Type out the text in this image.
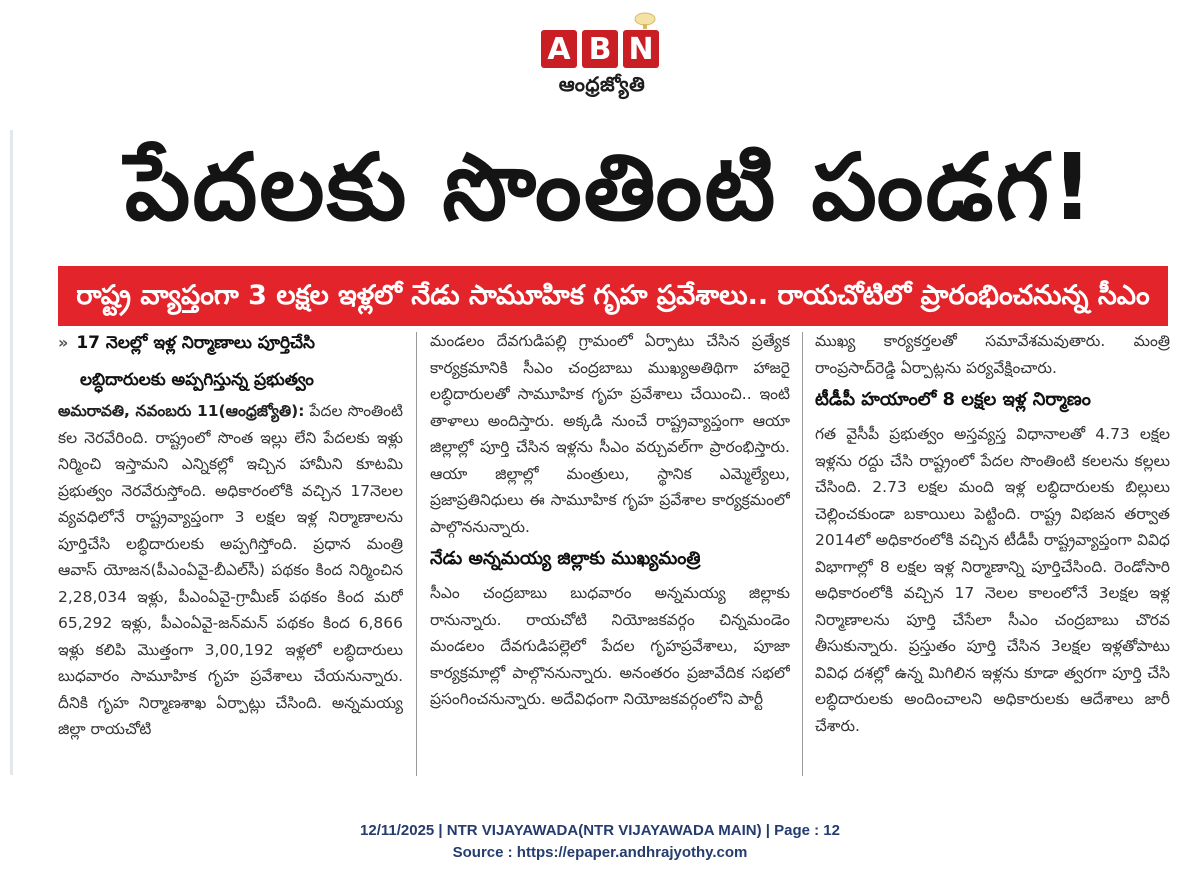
A B N
ఆంధ్రజ్యోతి
పేదలకు సొంతింటి పండగ!
రాష్ట్ర వ్యాప్తంగా 3 లక్షల ఇళ్లలో నేడు సామూహిక గృహ ప్రవేశాలు.. రాయచోటిలో ప్రారంభించనున్న సీఎం
» 17 నెలల్లో ఇళ్ల నిర్మాణాలు పూర్తిచేసి
లబ్ధిదారులకు అప్పగిస్తున్న ప్రభుత్వం

అమరావతి, నవంబరు 11(ఆంధ్రజ్యోతి): పేదల సొంతింటి కల నెరవేరింది. రాష్ట్రంలో సొంత ఇల్లు లేని పేదలకు ఇళ్లు నిర్మించి ఇస్తామని ఎన్నికల్లో ఇచ్చిన హామీని కూటమి ప్రభుత్వం నెరవేరుస్తోంది. అధికారంలోకి వచ్చిన 17నెలల వ్యవధిలోనే రాష్ట్రవ్యాప్తంగా 3 లక్షల ఇళ్ల నిర్మాణాలను పూర్తిచేసి లబ్ధిదారులకు అప్పగిస్తోంది. ప్రధాన మంత్రి ఆవాస్ యోజన(పీఎంఏవై-బీఎల్‌సీ) పథకం కింద నిర్మించిన 2,28,034 ఇళ్లు, పీఎంఏవై-గ్రామీణ్ పథకం కింద మరో 65,292 ఇళ్లు, పీఎంఏవై-జన్‌మన్ పథకం కింద 6,866 ఇళ్లు కలిపి మొత్తంగా 3,00,192 ఇళ్లలో లబ్ధిదారులు బుధవారం సామూహిక గృహ ప్రవేశాలు చేయనున్నారు. దీనికి గృహ నిర్మాణశాఖ ఏర్పాట్లు చేసింది. అన్నమయ్య జిల్లా రాయచోటి

మండలం దేవగుడిపల్లి గ్రామంలో ఏర్పాటు చేసిన ప్రత్యేక కార్యక్రమానికి సీఎం చంద్రబాబు ముఖ్యఅతిథిగా హాజరై లబ్ధిదారులతో సామూహిక గృహ ప్రవేశాలు చేయించి.. ఇంటి తాళాలు అందిస్తారు. అక్కడి నుంచే రాష్ట్రవ్యాప్తంగా ఆయా జిల్లాల్లో పూర్తి చేసిన ఇళ్లను సీఎం వర్చువల్‌గా ప్రారంభిస్తారు. ఆయా జిల్లాల్లో మంత్రులు, స్థానిక ఎమ్మెల్యేలు, ప్రజాప్రతినిధులు ఈ సామూహిక గృహ ప్రవేశాల కార్యక్రమంలో పాల్గొననున్నారు.

నేడు అన్నమయ్య జిల్లాకు ముఖ్యమంత్రి

సీఎం చంద్రబాబు బుధవారం అన్నమయ్య జిల్లాకు రానున్నారు. రాయచోటి నియోజకవర్గం చిన్నమండెం మండలం దేవగుడిపల్లెలో పేదల గృహప్రవేశాలు, పూజా కార్యక్రమాల్లో పాల్గొననున్నారు. అనంతరం ప్రజావేదిక సభలో ప్రసంగించనున్నారు. అదేవిధంగా నియోజకవర్గంలోని పార్టీ

ముఖ్య కార్యకర్తలతో సమావేశమవుతారు. మంత్రి రాంప్రసాద్‌రెడ్డి ఏర్పాట్లను పర్యవేక్షించారు.

టీడీపీ హయాంలో 8 లక్షల ఇళ్ల నిర్మాణం

గత వైసీపీ ప్రభుత్వం అస్తవ్యస్త విధానాలతో 4.73 లక్షల ఇళ్లను రద్దు చేసి రాష్ట్రంలో పేదల సొంతింటి కలలను కల్లలు చేసింది. 2.73 లక్షల మంది ఇళ్ల లబ్ధిదారులకు బిల్లులు చెల్లించకుండా బకాయిలు పెట్టింది. రాష్ట్ర విభజన తర్వాత 2014లో అధికారంలోకి వచ్చిన టీడీపీ రాష్ట్రవ్యాప్తంగా వివిధ విభాగాల్లో 8 లక్షల ఇళ్ల నిర్మాణాన్ని పూర్తిచేసింది. రెండోసారి అధికారంలోకి వచ్చిన 17 నెలల కాలంలోనే 3లక్షల ఇళ్ల నిర్మాణాలను పూర్తి చేసేలా సీఎం చంద్రబాబు చొరవ తీసుకున్నారు. ప్రస్తుతం పూర్తి చేసిన 3లక్షల ఇళ్లతోపాటు వివిధ దశల్లో ఉన్న మిగిలిన ఇళ్లను కూడా త్వరగా పూర్తి చేసి లబ్ధిదారులకు అందించాలని అధికారులకు ఆదేశాలు జారీ చేశారు.

12/11/2025 | NTR VIJAYAWADA(NTR VIJAYAWADA MAIN) | Page : 12
Source : https://epaper.andhrajyothy.com
